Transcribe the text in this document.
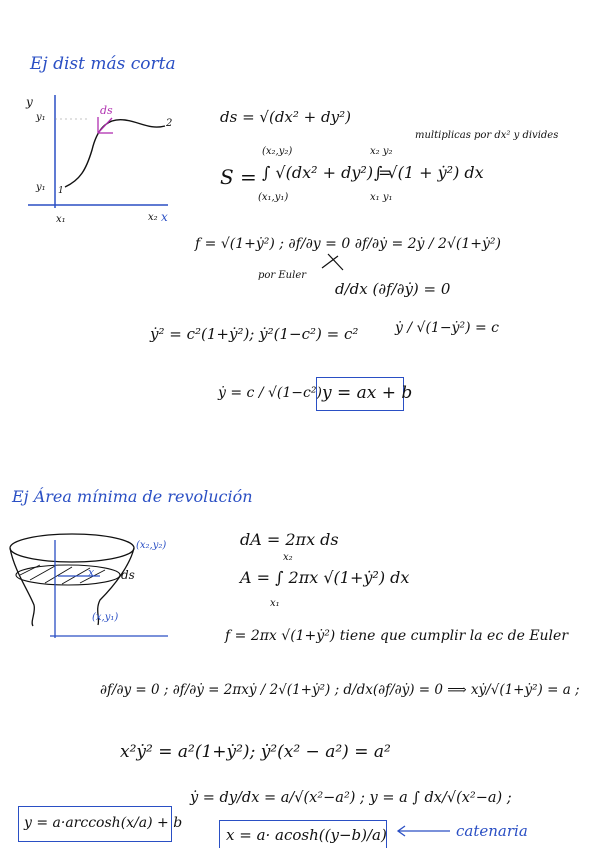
Ej dist más corta
y
y₁
y₁
x₁	x₂ x
1
2
ds	ds = √(dx² + dy²)
multiplicas por dx² y divides
S =
(x₂,y₂)
(x₁,y₁)
∫ √(dx² + dy²) =
x₂ y₂
x₁ y₁
∫ √(1 + ẏ²) dx
f = √(1+ẏ²) ; ∂f/∂y = 0 ∂f/∂ẏ = 2ẏ / 2√(1+ẏ²)
por Euler
d/dx (∂f/∂ẏ) = 0
ẏ² = c²(1+ẏ²); ẏ²(1−c²) = c²	ẏ / √(1−ẏ²) = c
ẏ = c / √(1−c²) y = ax + b
Ej Área mínima de revolución
(x₂,y₂)
(x,y₁)
ds
x
dA = 2πx ds
x₂
x₁
A = ∫ 2πx √(1+ẏ²) dx
f = 2πx √(1+ẏ²) tiene que cumplir la ec de Euler
∂f/∂y = 0 ; ∂f/∂ẏ = 2πxẏ / 2√(1+ẏ²) ; d/dx(∂f/∂ẏ) = 0 ⟹ xẏ/√(1+ẏ²) = a ;
x²ẏ² = a²(1+ẏ²); ẏ²(x² − a²) = a²
ẏ = dy/dx = a/√(x²−a²) ; y = a ∫ dx/√(x²−a) ;
y = a·arccosh(x/a) + b
x = a· acosh((y−b)/a)	catenaria
